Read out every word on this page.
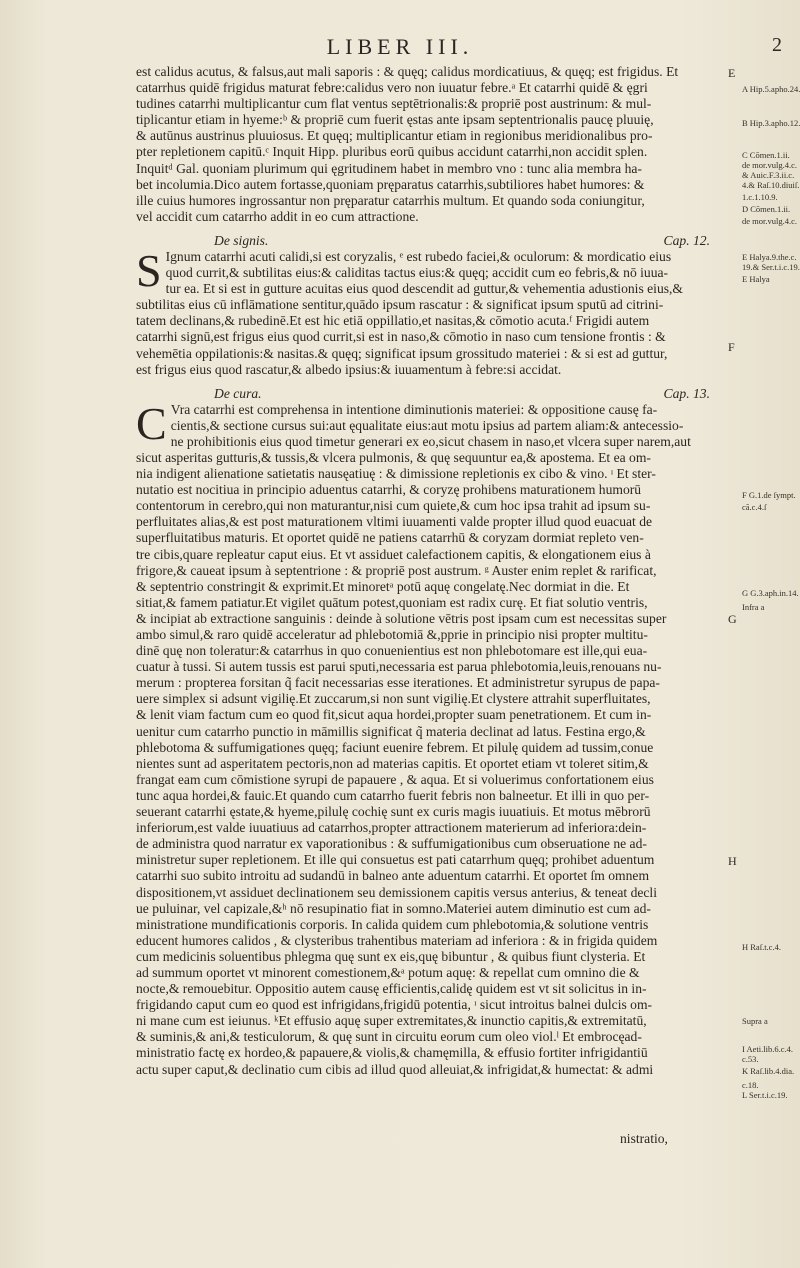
LIBER III.	2
est calidus acutus, & falsus,aut mali saporis : & quęq; calidus mordicatiuus, & quęq; est frigidus. Et
catarrhus quidē frigidus maturat febre:calidus vero non iuuatur febre.ᵃ Et catarrhi quidē & ęgri
tudines catarrhi multiplicantur cum flat ventus septētrionalis:& propriē post austrinum: & mul-
tiplicantur etiam in hyeme:ᵇ & propriē cum fuerit ęstas ante ipsam septentrionalis paucę pluuię,
& autūnus austrinus pluuiosus. Et quęq; multiplicantur etiam in regionibus meridionalibus pro-
pter repletionem capitū.ᶜ Inquit Hipp. pluribus eorū quibus accidunt catarrhi,non accidit splen.
Inquitᵈ Gal. quoniam plurimum qui ęgritudinem habet in membro vno : tunc alia membra ha-
bet incolumia.Dico autem fortasse,quoniam pręparatus catarrhis,subtiliores habet humores: &
ille cuius humores ingrossantur non pręparatur catarrhis multum. Et quando soda coniungitur,
vel accidit cum catarrho addit in eo cum attractione.
De signis.	Cap. 12.
S Ignum catarrhi acuti calidi,si est coryzalis, ᵉ est rubedo faciei,& oculorum: & mordicatio eius
quod currit,& subtilitas eius:& caliditas tactus eius:& quęq; accidit cum eo febris,& nō iuua-
tur ea. Et si est in gutture acuitas eius quod descendit ad guttur,& vehementia adustionis eius,&
subtilitas eius cū inflāmatione sentitur,quādo ipsum rascatur : & significat ipsum sputū ad citrini-
tatem declinans,& rubedinē.Et est hic etiā oppillatio,et nasitas,& cōmotio acuta.ᶠ Frigidi autem
catarrhi signū,est frigus eius quod currit,si est in naso,& cōmotio in naso cum tensione frontis : &
vehemētia oppilationis:& nasitas.& quęq; significat ipsum grossitudo materiei : & si est ad guttur,
est frigus eius quod rascatur,& albedo ipsius:& iuuamentum à febre:si accidat.
De cura.	Cap. 13.
C Vra catarrhi est comprehensa in intentione diminutionis materiei: & oppositione causę fa-
cientis,& sectione cursus sui:aut ęqualitate eius:aut motu ipsius ad partem aliam:& antecessio-
ne prohibitionis eius quod timetur generari ex eo,sicut chasem in naso,et vlcera super narem,aut
sicut asperitas gutturis,& tussis,& vlcera pulmonis, & quę sequuntur ea,& apostema. Et ea om-
nia indigent alienatione satietatis nausęatiuę : & dimissione repletionis ex cibo & vino. ᶦ Et ster-
nutatio est nocitiua in principio aduentus catarrhi, & coryzę prohibens maturationem humorū
contentorum in cerebro,qui non maturantur,nisi cum quiete,& cum hoc ipsa trahit ad ipsum su-
perfluitates alias,& est post maturationem vltimi iuuamenti valde propter illud quod euacuat de
superfluitatibus maturis. Et oportet quidē ne patiens catarrhū & coryzam dormiat repleto ven-
tre cibis,quare repleatur caput eius. Et vt assiduet calefactionem capitis, & elongationem eius à
frigore,& caueat ipsum à septentrione : & propriē post austrum. ᵍ Auster enim replet & rarificat,
& septentrio constringit & exprimit.Et minoretᵃ potū aquę congelatę.Nec dormiat in die. Et
sitiat,& famem patiatur.Et vigilet quātum potest,quoniam est radix curę. Et fiat solutio ventris,
& incipiat ab extractione sanguinis : deinde à solutione vētris post ipsam cum est necessitas super
ambo simul,& raro quidē acceleratur ad phlebotomiā &,pprie in principio nisi propter multitu-
dinē quę non toleratur:& catarrhus in quo conuenientius est non phlebotomare est ille,qui eua-
cuatur à tussi. Si autem tussis est parui sputi,necessaria est parua phlebotomia,leuis,renouans nu-
merum : propterea forsitan q̃ facit necessarias esse iterationes. Et administretur syrupus de papa-
uere simplex si adsunt vigilię.Et zuccarum,si non sunt vigilię.Et clystere attrahit superfluitates,
& lenit viam factum cum eo quod fit,sicut aqua hordei,propter suam penetrationem. Et cum in-
uenitur cum catarrho punctio in māmillis significat q̃ materia declinat ad latus. Festina ergo,&
phlebotoma & suffumigationes quęq; faciunt euenire febrem. Et pilulę quidem ad tussim,conue
nientes sunt ad asperitatem pectoris,non ad materias capitis. Et oportet etiam vt toleret sitim,&
frangat eam cum cōmistione syrupi de papauere , & aqua. Et si voluerimus confortationem eius
tunc aqua hordei,& fauic.Et quando cum catarrho fuerit febris non balneetur. Et illi in quo per-
seuerant catarrhi ęstate,& hyeme,pilulę cochię sunt ex curis magis iuuatiuis. Et motus mēbrorū
inferiorum,est valde iuuatiuus ad catarrhos,propter attractionem materierum ad inferiora:dein-
de administra quod narratur ex vaporationibus : & suffumigationibus cum obseruatione ne ad-
ministretur super repletionem. Et ille qui consuetus est pati catarrhum quęq; prohibet aduentum
catarrhi suo subito introitu ad sudandū in balneo ante aduentum catarrhi. Et oportet ſm omnem
dispositionem,vt assiduet declinationem seu demissionem capitis versus anterius, & teneat decli
ue puluinar, vel capizale,&ʰ nō resupinatio fiat in somno.Materiei autem diminutio est cum ad-
ministratione mundificationis corporis. In calida quidem cum phlebotomia,& solutione ventris
educent humores calidos , & clysteribus trahentibus materiam ad inferiora : & in frigida quidem
cum medicinis soluentibus phlegma quę sunt ex eis,quę bibuntur , & quibus fiunt clysteria. Et
ad summum oportet vt minorent comestionem,&ᵃ potum aquę: & repellat cum omnino die &
nocte,& remouebitur. Oppositio autem causę efficientis,calidę quidem est vt sit solicitus in in-
frigidando caput cum eo quod est infrigidans,frigidū potentia, ᶦ sicut introitus balnei dulcis om-
ni mane cum est ieiunus. ᵏEt effusio aquę super extremitates,& inunctio capitis,& extremitatū,
& suminis,& ani,& testiculorum, & quę sunt in circuitu eorum cum oleo viol.ˡ Et embrocęad-
ministratio factę ex hordeo,& papauere,& violis,& chamęmilla, & effusio fortiter infrigidantiū
actu super caput,& declinatio cum cibis ad illud quod alleuiat,& infrigidat,& humectat: & admi
nistratio,
E
F
G
H
A Hip.5.apho.24.
B Hip.3.apho.12.
C Cōmen.1.ii.
de mor.vulg.4.c.
& Auic.F.3.ii.c.
4.& Raſ.10.diuiſ.
1.c.1.10.9.
D Cōmen.1.ii.
de mor.vulg.4.c.
E Halya.9.the.c.
19.& Ser.t.i.c.19.
E Halya
F G.1.de ſympt.
cā.c.4.ſ
G G.3.aph.in.14.
Infra a
H Raſ.t.c.4.
Supra a
I Aeti.lib.6.c.4.
c.53.
K Raſ.lib.4.dia.
c.18.
L Ser.t.i.c.19.
